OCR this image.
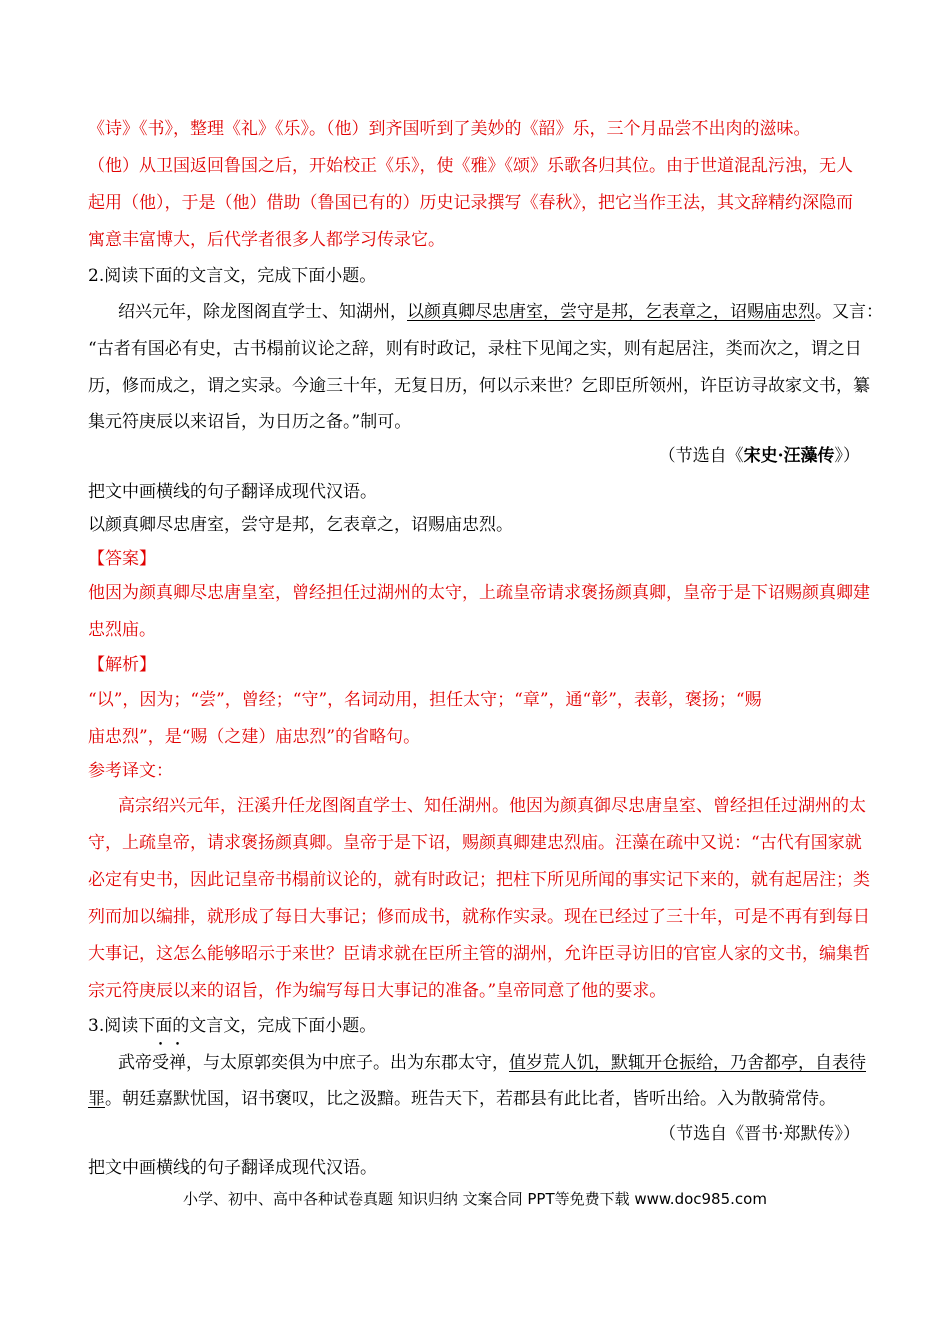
《诗》《书》，整理《礼》《乐》。（他）到齐国听到了美妙的《韶》乐，三个月品尝不出肉的滋味。
（他）从卫国返回鲁国之后，开始校正《乐》，使《雅》《颂》乐歌各归其位。由于世道混乱污浊，无人
起用（他），于是（他）借助（鲁国已有的）历史记录撰写《春秋》，把它当作王法，其文辞精约深隐而
寓意丰富博大，后代学者很多人都学习传录它。
2.阅读下面的文言文，完成下面小题。
绍兴元年，除龙图阁直学士、知湖州，以颜真卿尽忠唐室，尝守是邦，乞表章之，诏赐庙忠烈。又言：
“古者有国必有史，古书榻前议论之辞，则有时政记，录柱下见闻之实，则有起居注，类而次之，谓之日
历，修而成之，谓之实录。今逾三十年，无复日历，何以示来世？乞即臣所领州，许臣访寻故家文书，纂
集元符庚辰以来诏旨，为日历之备。”制可。
（节选自《宋史·汪藻传》）
把文中画横线的句子翻译成现代汉语。
以颜真卿尽忠唐室，尝守是邦，乞表章之，诏赐庙忠烈。
【答案】
他因为颜真卿尽忠唐皇室，曾经担任过湖州的太守，上疏皇帝请求褒扬颜真卿，皇帝于是下诏赐颜真卿建
忠烈庙。
【解析】
“以”，因为；“尝”，曾经；“守”，名词动用，担任太守；“章”，通“彰”，表彰，褒扬；“赐
庙忠烈”，是“赐（之建）庙忠烈”的省略句。
参考译文：
高宗绍兴元年，汪溪升任龙图阁直学士、知任湖州。他因为颜真御尽忠唐皇室、曾经担任过湖州的太
守，上疏皇帝，请求褒扬颜真卿。皇帝于是下诏，赐颜真卿建忠烈庙。汪藻在疏中又说：“古代有国家就
必定有史书，因此记皇帝书榻前议论的，就有时政记；把柱下所见所闻的事实记下来的，就有起居注；类
列而加以编排，就形成了每日大事记；修而成书，就称作实录。现在已经过了三十年，可是不再有到每日
大事记，这怎么能够昭示于来世？臣请求就在臣所主管的湖州，允许臣寻访旧的官宦人家的文书，编集哲
宗元符庚辰以来的诏旨，作为编写每日大事记的准备。”皇帝同意了他的要求。
3.阅读下面的文言文，完成下面小题。
武帝受禅，与太原郭奕俱为中庶子。出为东郡太守，值岁荒人饥，默辄开仓振给，乃舍都亭，自表待
罪。朝廷嘉默忧国，诏书褒叹，比之汲黯。班告天下，若郡县有此比者，皆听出给。入为散骑常侍。
（节选自《晋书·郑默传》）
把文中画横线的句子翻译成现代汉语。
小学、初中、高中各种试卷真题 知识归纳 文案合同 PPT等免费下载 www.doc985.com
